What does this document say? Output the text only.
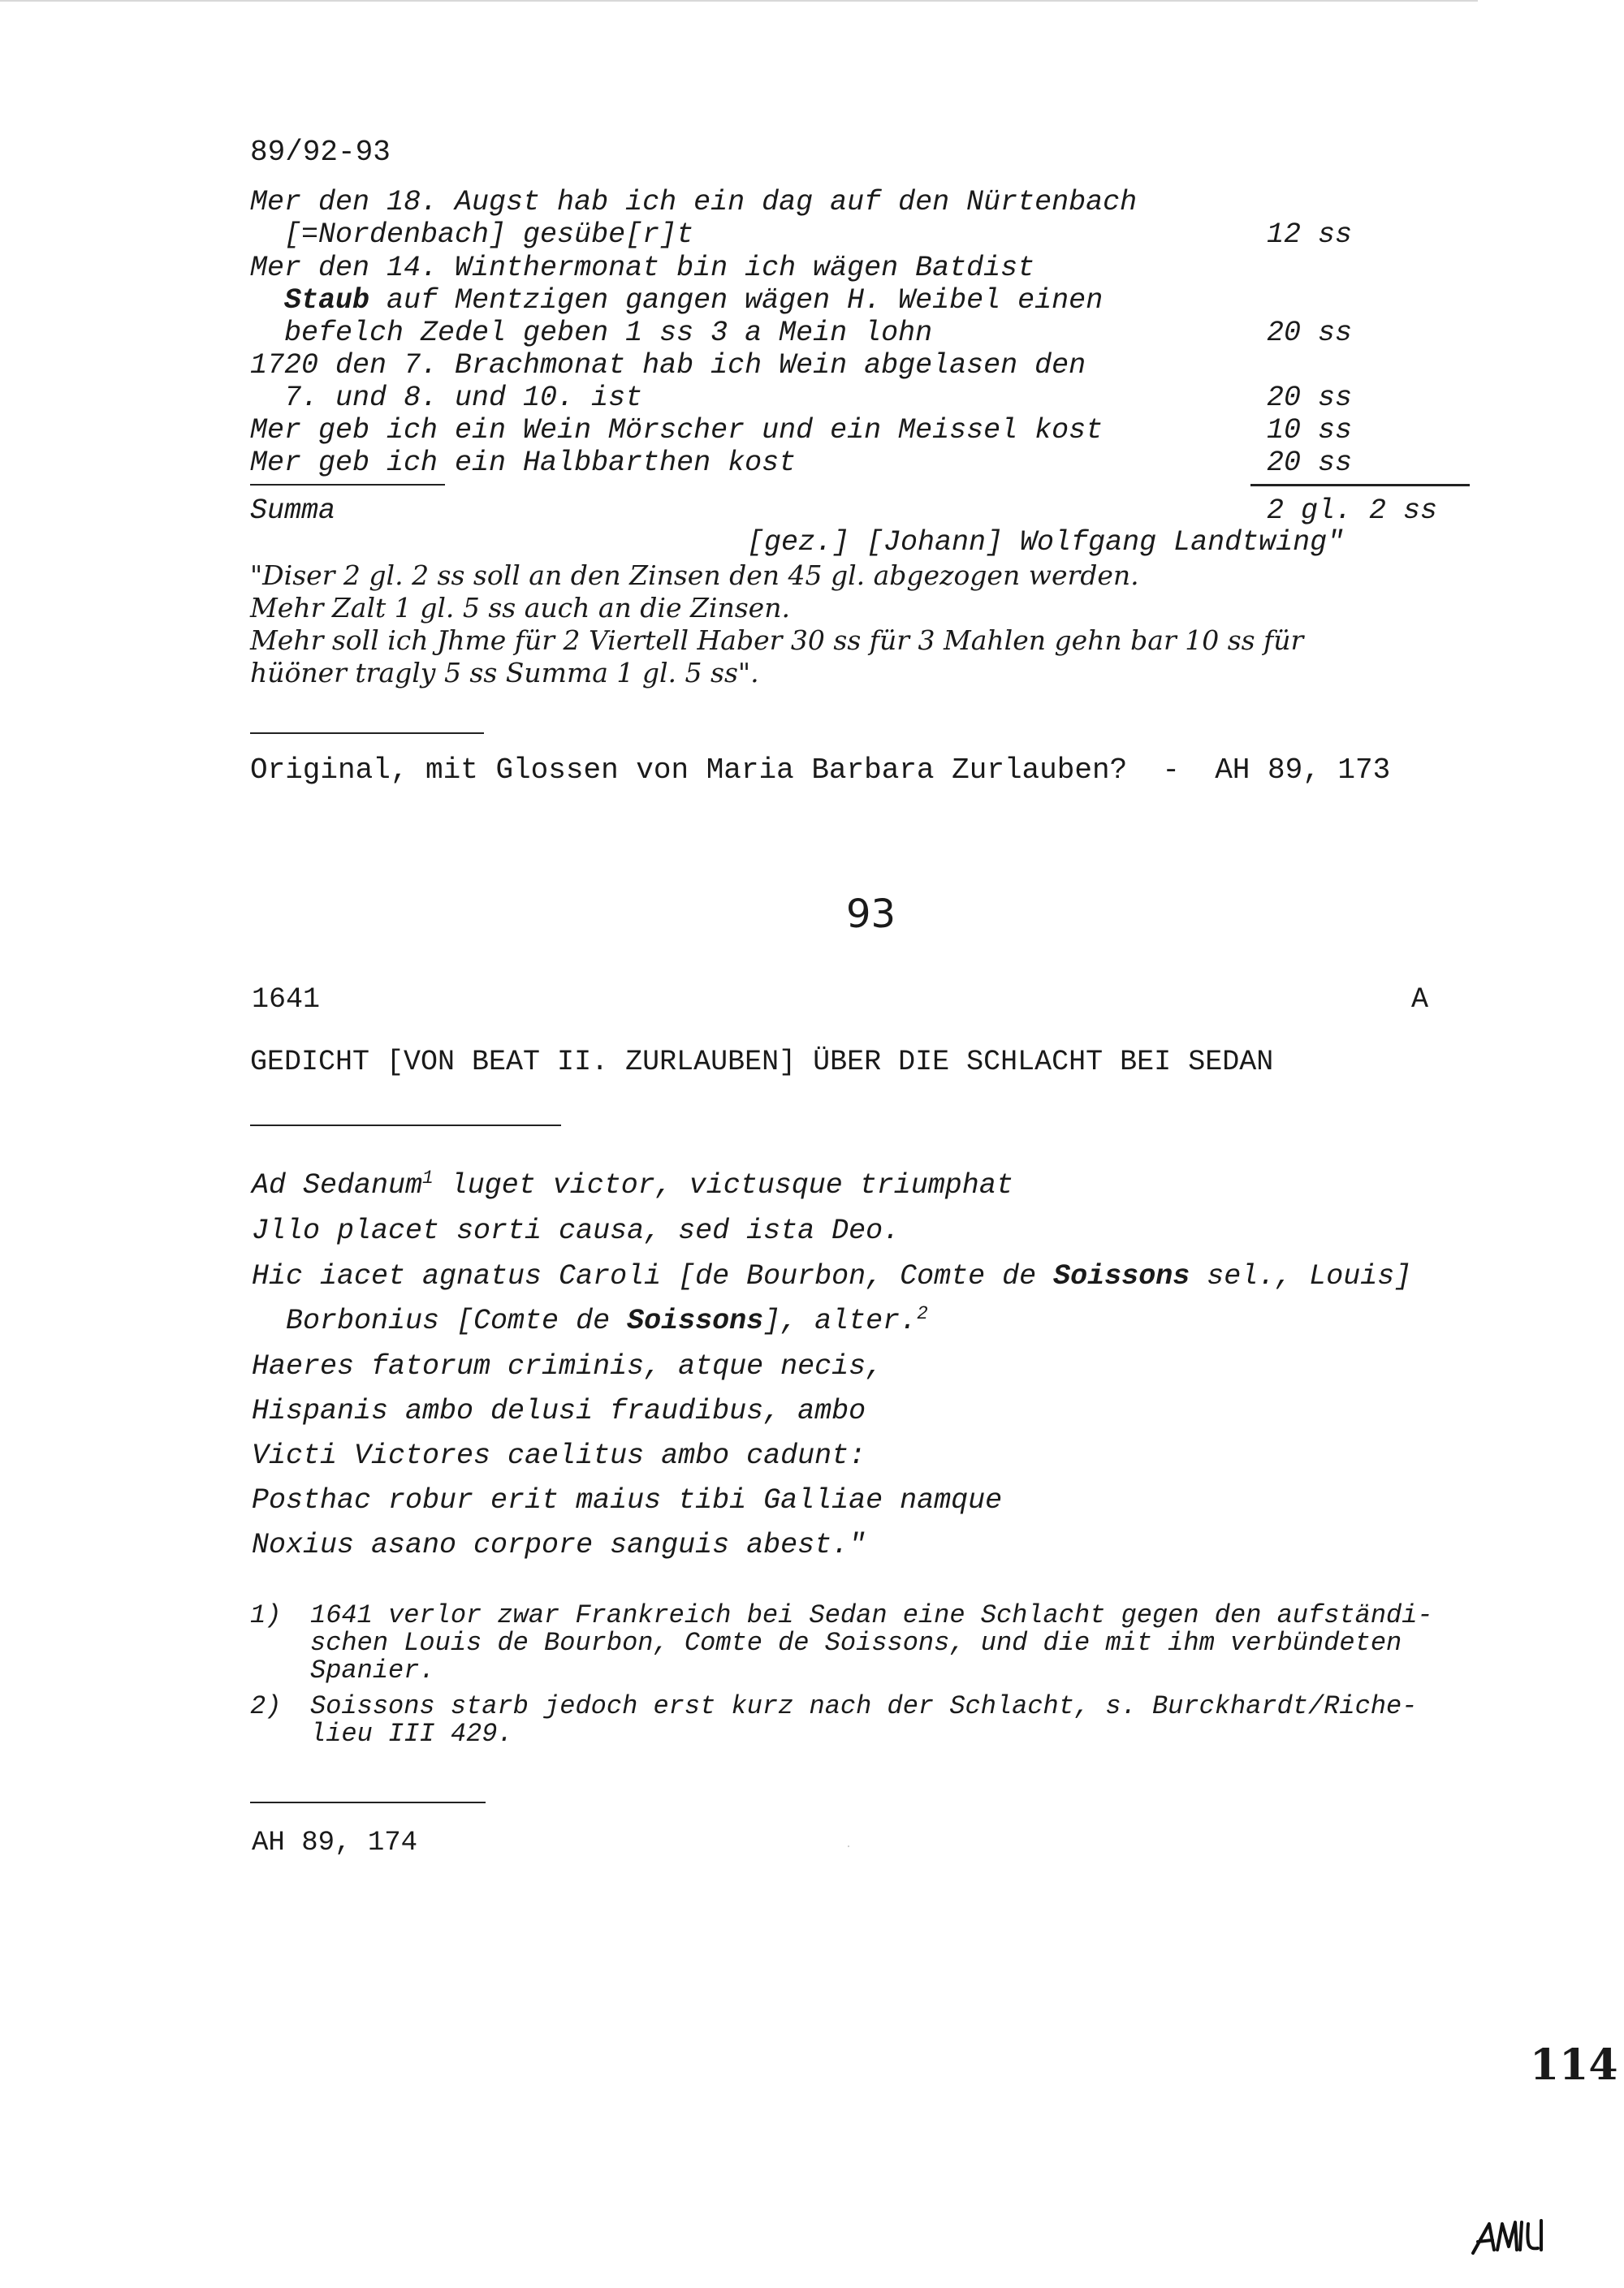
89/92-93
Mer den 18. Augst hab ich ein dag auf den Nürtenbach
[=Nordenbach] gesübe[r]t	12 ss
Mer den 14. Winthermonat bin ich wägen Batdist
Staub auf Mentzigen gangen wägen H. Weibel einen
befelch Zedel geben 1 ss 3 a Mein lohn	20 ss
1720 den 7. Brachmonat hab ich Wein abgelasen den
7. und 8. und 10. ist	20 ss
Mer geb ich ein Wein Mörscher und ein Meissel kost	10 ss
Mer geb ich ein Halbbarthen kost	20 ss
Summa	2 gl. 2 ss
[gez.] [Johann] Wolfgang Landtwing"
"Diser 2 gl. 2 ss soll an den Zinsen den 45 gl. abgezogen werden.
Mehr Zalt 1 gl. 5 ss auch an die Zinsen.
Mehr soll ich Jhme für 2 Viertell Haber 30 ss für 3 Mahlen gehn bar 10 ss für
hüöner tragly 5 ss Summa 1 gl. 5 ss".
Original, mit Glossen von Maria Barbara Zurlauben?  -  AH 89, 173
93
1641	A
GEDICHT [VON BEAT II. ZURLAUBEN] ÜBER DIE SCHLACHT BEI SEDAN
Ad Sedanum$^1$ luget victor, victusque triumphat
Jllo placet sorti causa, sed ista Deo.
Hic iacet agnatus Caroli [de Bourbon, Comte de Soissons sel., Louis]
Borbonius [Comte de Soissons], alter.$^2$
Haeres fatorum criminis, atque necis,
Hispanis ambo delusi fraudibus, ambo
Victi Victores caelitus ambo cadunt:
Posthac robur erit maius tibi Galliae namque
Noxius asano corpore sanguis abest."
1) 1641 verlor zwar Frankreich bei Sedan eine Schlacht gegen den aufständi-
schen Louis de Bourbon, Comte de Soissons, und die mit ihm verbündeten
Spanier.
2) Soissons starb jedoch erst kurz nach der Schlacht, s. Burckhardt/Riche-
lieu III 429.
AH 89, 174
114
